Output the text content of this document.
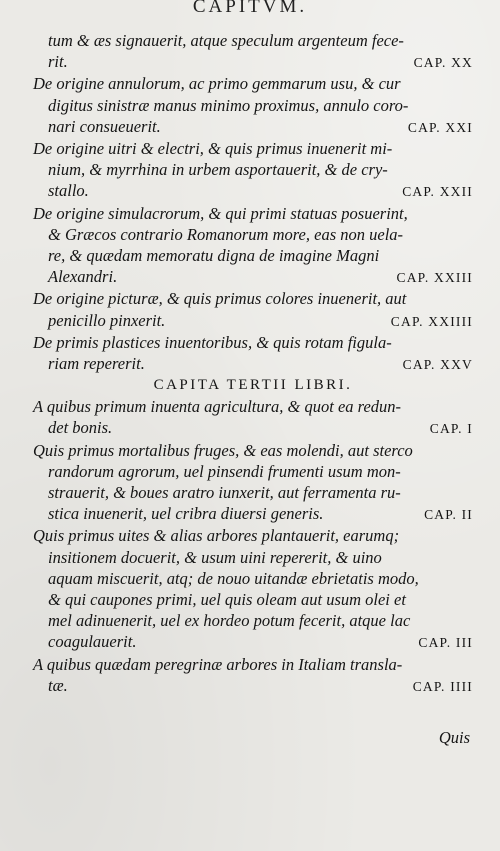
CAPITVM.
tum & æs signauerit, atque speculum argenteum fece-
rit.	CAP. XX
De origine annulorum, ac primo gemmarum usu, & cur
digitus sinistræ manus minimo proximus, annulo coro-
nari consueuerit.	CAP. XXI
De origine uitri & electri, & quis primus inuenerit mi-
nium, & myrrhina in urbem asportauerit, & de cry-
stallo.	CAP. XXII
De origine simulacrorum, & qui primi statuas posuerint,
& Græcos contrario Romanorum more, eas non uela-
re, & quædam memoratu digna de imagine Magni
Alexandri.	CAP. XXIII
De origine picturæ, & quis primus colores inuenerit, aut
penicillo pinxerit.	CAP. XXIIII
De primis plastices inuentoribus, & quis rotam figula-
riam repererit.	CAP. XXV
CAPITA TERTII LIBRI.
A quibus primum inuenta agricultura, & quot ea redun-
det bonis.	CAP. I
Quis primus mortalibus fruges, & eas molendi, aut sterco
randorum agrorum, uel pinsendi frumenti usum mon-
strauerit, & boues aratro iunxerit, aut ferramenta ru-
stica inuenerit, uel cribra diuersi generis.	CAP. II
Quis primus uites & alias arbores plantauerit, earumq;
insitionem docuerit, & usum uini repererit, & uino
aquam miscuerit, atq; de nouo uitandæ ebrietatis modo,
& qui caupones primi, uel quis oleam aut usum olei et
mel adinuenerit, uel ex hordeo potum fecerit, atque lac
coagulauerit.	CAP. III
A quibus quædam peregrinæ arbores in Italiam transla-
tæ.	CAP. IIII
Quis
